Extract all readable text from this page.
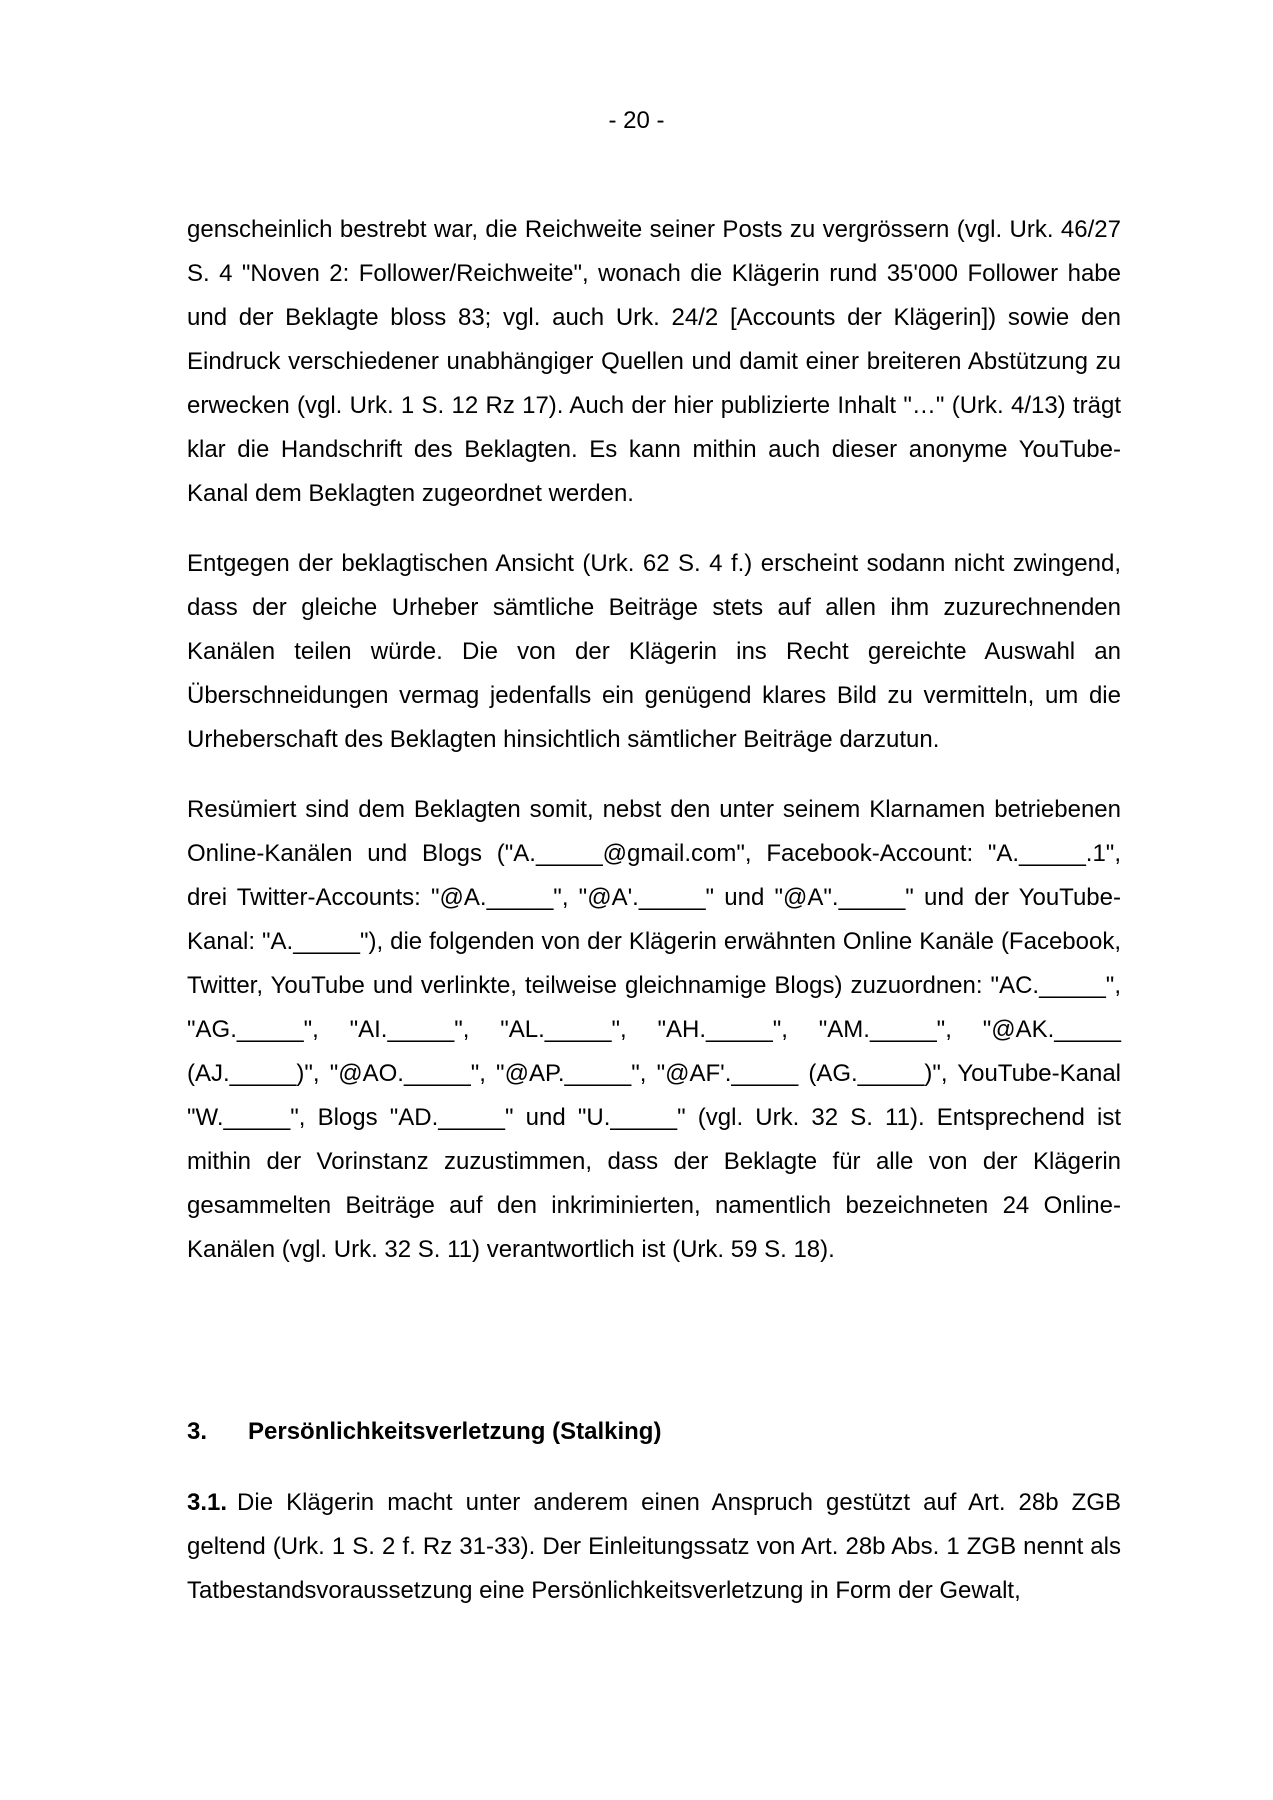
- 20 -

genscheinlich bestrebt war, die Reichweite seiner Posts zu vergrössern (vgl. Urk. 46/27 S. 4 "Noven 2: Follower/Reichweite", wonach die Klägerin rund 35'000 Follower habe und der Beklagte bloss 83; vgl. auch Urk. 24/2 [Accounts der Klägerin]) sowie den Eindruck verschiedener unabhängiger Quellen und damit einer breiteren Abstützung zu erwecken (vgl. Urk. 1 S. 12 Rz 17). Auch der hier publizierte Inhalt "…" (Urk. 4/13) trägt klar die Handschrift des Beklagten. Es kann mithin auch dieser anonyme YouTube-Kanal dem Beklagten zugeordnet werden.

Entgegen der beklagtischen Ansicht (Urk. 62 S. 4 f.) erscheint sodann nicht zwingend, dass der gleiche Urheber sämtliche Beiträge stets auf allen ihm zuzurechnenden Kanälen teilen würde. Die von der Klägerin ins Recht gereichte Auswahl an Überschneidungen vermag jedenfalls ein genügend klares Bild zu vermitteln, um die Urheberschaft des Beklagten hinsichtlich sämtlicher Beiträge darzutun.

Resümiert sind dem Beklagten somit, nebst den unter seinem Klarnamen betriebenen Online-Kanälen und Blogs ("A._____@gmail.com", Facebook-Account: "A._____.1", drei Twitter-Accounts: "@A._____", "@A'._____" und "@A"._____" und der YouTube-Kanal: "A._____"), die folgenden von der Klägerin erwähnten Online Kanäle (Facebook, Twitter, YouTube und verlinkte, teilweise gleichnamige Blogs) zuzuordnen: "AC._____", "AG._____", "AI._____", "AL._____", "AH._____", "AM._____", "@AK._____ (AJ._____)", "@AO._____", "@AP._____", "@AF'._____ (AG._____)", YouTube-Kanal "W._____", Blogs "AD._____" und "U._____" (vgl. Urk. 32 S. 11). Entsprechend ist mithin der Vorinstanz zuzustimmen, dass der Beklagte für alle von der Klägerin gesammelten Beiträge auf den inkriminierten, namentlich bezeichneten 24 Online-Kanälen (vgl. Urk. 32 S. 11) verantwortlich ist (Urk. 59 S. 18).

3.	Persönlichkeitsverletzung (Stalking)

3.1. Die Klägerin macht unter anderem einen Anspruch gestützt auf Art. 28b ZGB geltend (Urk. 1 S. 2 f. Rz 31-33). Der Einleitungssatz von Art. 28b Abs. 1 ZGB nennt als Tatbestandsvoraussetzung eine Persönlichkeitsverletzung in Form der Gewalt,
